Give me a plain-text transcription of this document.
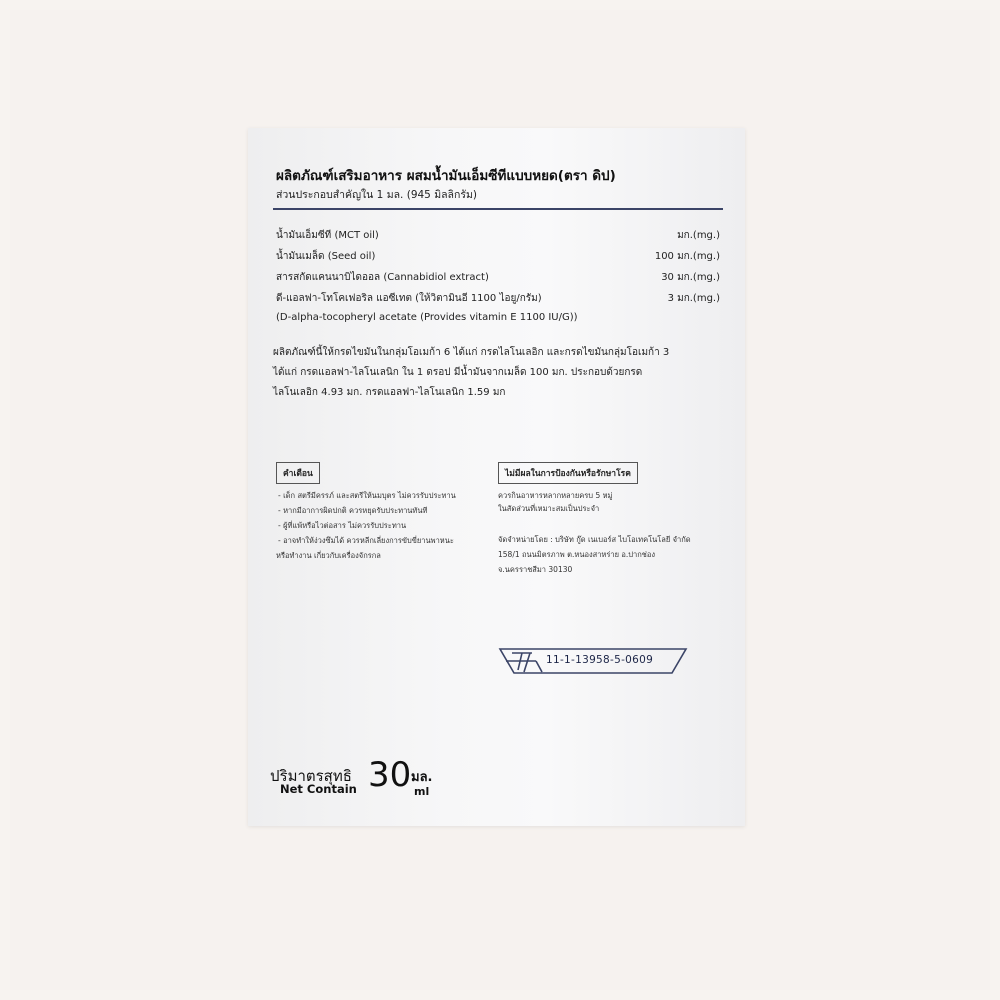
ผลิตภัณฑ์เสริมอาหาร ผสมน้ำมันเอ็มซีทีแบบหยด(ตรา ดิป)
ส่วนประกอบสำคัญใน 1 มล. (945 มิลลิกรัม)
น้ำมันเอ็มซีที (MCT oil)	มก.(mg.)
น้ำมันเมล็ด (Seed oil)	100 มก.(mg.)
สารสกัดแคนนาบิไดออล (Cannabidiol extract)	30 มก.(mg.)
ดี-แอลฟา-โทโคเฟอริล แอซีเทต (ให้วิตามินอี 1100 ไอยู/กรัม)	3 มก.(mg.)
(D-alpha-tocopheryl acetate (Provides vitamin E 1100 IU/G))
ผลิตภัณฑ์นี้ให้กรดไขมันในกลุ่มโอเมก้า 6 ได้แก่ กรดไลโนเลอิก และกรดไขมันกลุ่มโอเมก้า 3
ได้แก่ กรดแอลฟา-ไลโนเลนิก ใน 1 ดรอป มีน้ำมันจากเมล็ด 100 มก. ประกอบด้วยกรด
ไลโนเลอิก 4.93 มก. กรดแอลฟา-ไลโนเลนิก 1.59 มก
คำเตือน
- เด็ก สตรีมีครรภ์ และสตรีให้นมบุตร ไม่ควรรับประทาน
- หากมีอาการผิดปกติ ควรหยุดรับประทานทันที
- ผู้ที่แพ้หรือไวต่อสาร ไม่ควรรับประทาน
- อาจทำให้ง่วงซึมได้ ควรหลีกเลี่ยงการขับขี่ยานพาหนะ
หรือทำงาน เกี่ยวกับเครื่องจักรกล
ไม่มีผลในการป้องกันหรือรักษาโรค
ควรกินอาหารหลากหลายครบ 5 หมู่
ในสัดส่วนที่เหมาะสมเป็นประจำ
จัดจำหน่ายโดย : บริษัท กู๊ด เนเบอร์ส ไบโอเทคโนโลยี จำกัด
158/1 ถนนมิตรภาพ ต.หนองสาหร่าย อ.ปากช่อง
จ.นครราชสีมา 30130
11-1-13958-5-0609
ปริมาตรสุทธิ
Net Contain 30 มล.
ml
